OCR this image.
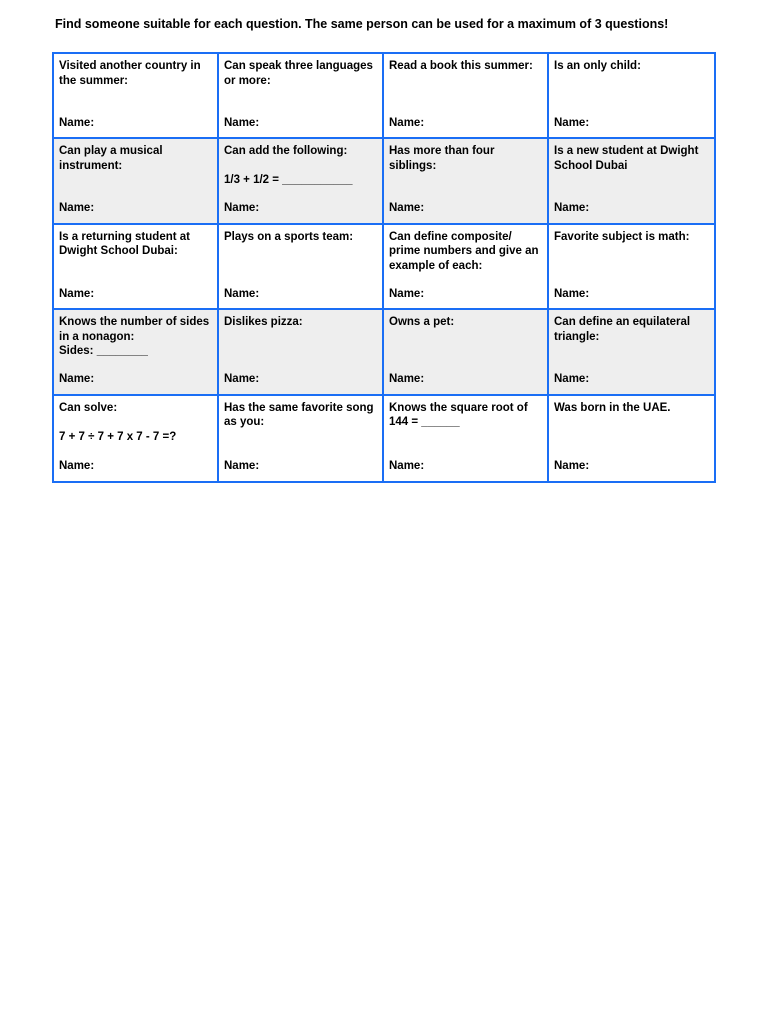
Find someone suitable for each question. The same person can be used for a maximum of 3 questions!
Visited another country in
the summer:
Name:
Can speak three languages
or more:
Name:
Read a book this summer:
Name:
Is an only child:
Name:
Can play a musical
instrument:
Name:
Can add the following:

1/3 + 1/2 = ___________
Name:
Has more than four
siblings:
Name:
Is a new student at Dwight
School Dubai
Name:
Is a returning student at
Dwight School Dubai:
Name:
Plays on a sports team:
Name:
Can define composite/
prime numbers and give an
example of each:
Name:
Favorite subject is math:
Name:
Knows the number of sides
in a nonagon:
Sides: ________
Name:
Dislikes pizza:
Name:
Owns a pet:
Name:
Can define an equilateral
triangle:
Name:
Can solve:

7 + 7 ÷ 7 + 7 x 7 - 7 =?
Name:
Has the same favorite song
as you:
Name:
Knows the square root of
144 = ______
Name:
Was born in the UAE.
Name:
